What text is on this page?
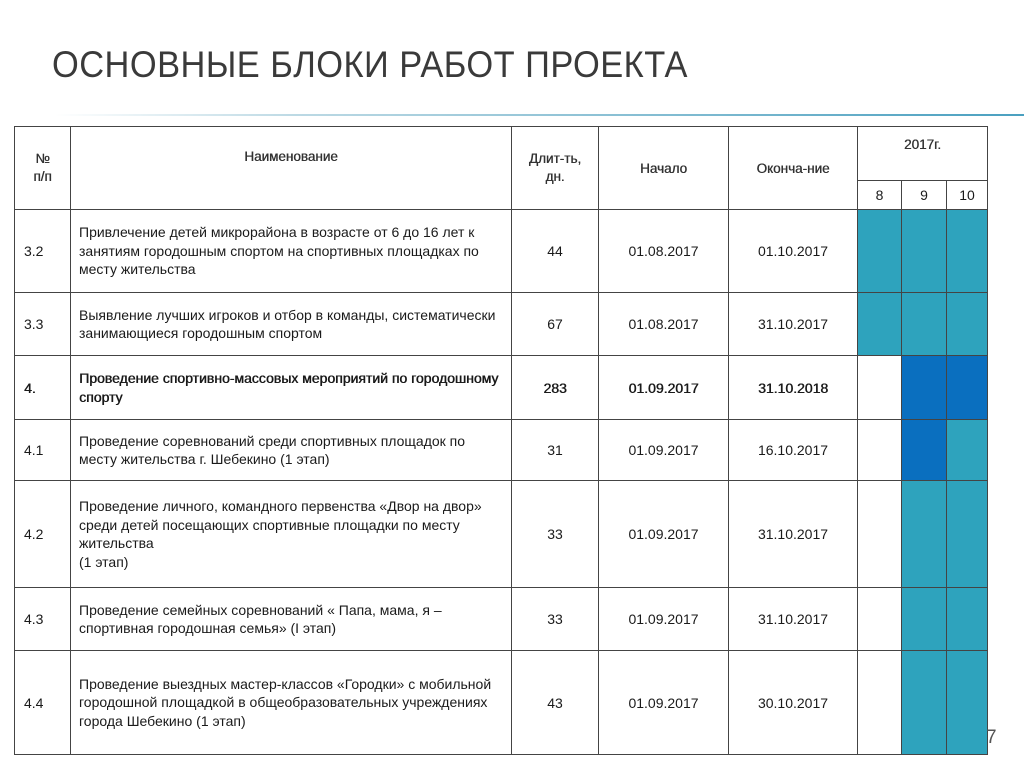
ОСНОВНЫЕ БЛОКИ РАБОТ ПРОЕКТА
№ п/п	Наименование	Длит-ть, дн.	Начало	Оконча-ние	2017г.		
					8	9	10
3.2	Привлечение детей микрорайона в возрасте от 6 до 16 лет к занятиям городошным спортом на спортивных площадках по месту жительства	44	01.08.2017	01.10.2017			
3.3	Выявление лучших игроков и отбор в команды, систематически занимающиеся городошным спортом	67	01.08.2017	31.10.2017			
4.	Проведение спортивно-массовых мероприятий по городошному спорту	283	01.09.2017	31.10.2018			
4.1	Проведение соревнований среди спортивных площадок по месту жительства г. Шебекино (1 этап)	31	01.09.2017	16.10.2017			
4.2	Проведение личного, командного первенства «Двор на двор» среди детей посещающих спортивные площадки по месту жительства
(1 этап)	33	01.09.2017	31.10.2017			
4.3	Проведение семейных соревнований « Папа, мама, я – спортивная городошная семья» (I этап)	33	01.09.2017	31.10.2017			
4.4	Проведение выездных мастер-классов «Городки» с мобильной городошной площадкой в общеобразовательных учреждениях города Шебекино (1 этап)	43	01.09.2017	30.10.2017			
7
